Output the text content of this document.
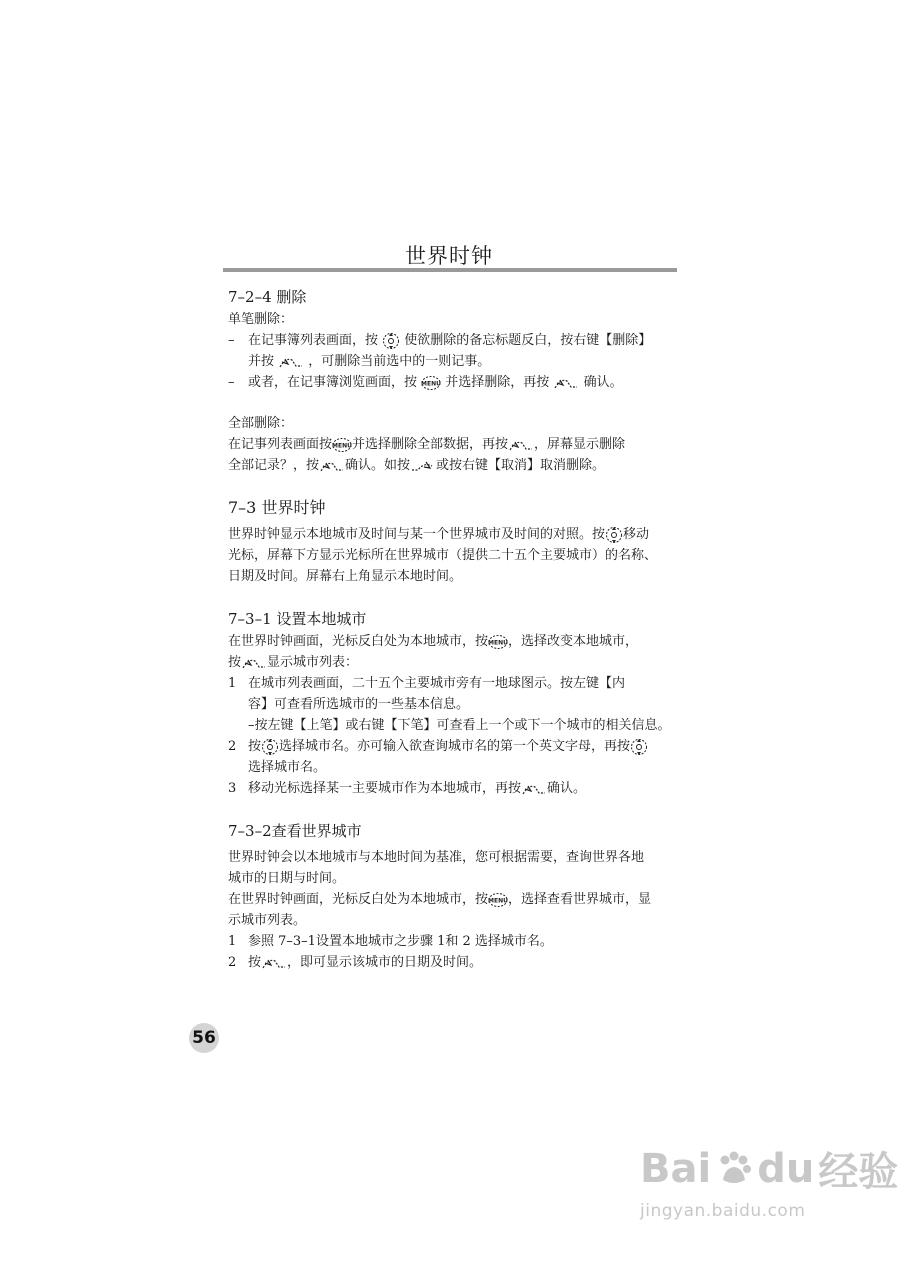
世界时钟

7–2–4 删除

单笔删除：

–	在记事簿列表画面，按 使欲删除的备忘标题反白，按右键【删除】
并按	，可删除当前选中的一则记事。
–	或者，在记事簿浏览画面，按 MENU 并选择删除，再按	确认。

全部删除：

在记事列表画面按 MENU 并选择删除全部数据，再按 ，屏幕显示删除

全部记录？，按 确认。如按 或按右键【取消】取消删除。

7–3 世界时钟

世界时钟显示本地城市及时间与某一个世界城市及时间的对照。按 移动

光标，屏幕下方显示光标所在世界城市（提供二十五个主要城市）的名称、

日期及时间。屏幕右上角显示本地时间。

7–3–1 设置本地城市

在世界时钟画面，光标反白处为本地城市，按 MENU ，选择改变本地城市，

按 显示城市列表：

1 在城市列表画面，二十五个主要城市旁有一地球图示。按左键【内

容】可查看所选城市的一些基本信息。

–按左键【上笔】或右键【下笔】可查看上一个或下一个城市的相关信息。

2 按 选择城市名。亦可输入欲查询城市名的第一个英文字母，再按

选择城市名。

3 移动光标选择某一主要城市作为本地城市，再按 确认。

7–3–2查看世界城市

世界时钟会以本地城市与本地时间为基准，您可根据需要，查询世界各地

城市的日期与时间。

在世界时钟画面，光标反白处为本地城市，按 MENU ，选择查看世界城市，显

示城市列表。

1 参照 7–3–1设置本地城市之步骤 1和 2 选择城市名。
2 按 ，即可显示该城市的日期及时间。
56
Bai du 经验
jingyan.baidu.com
